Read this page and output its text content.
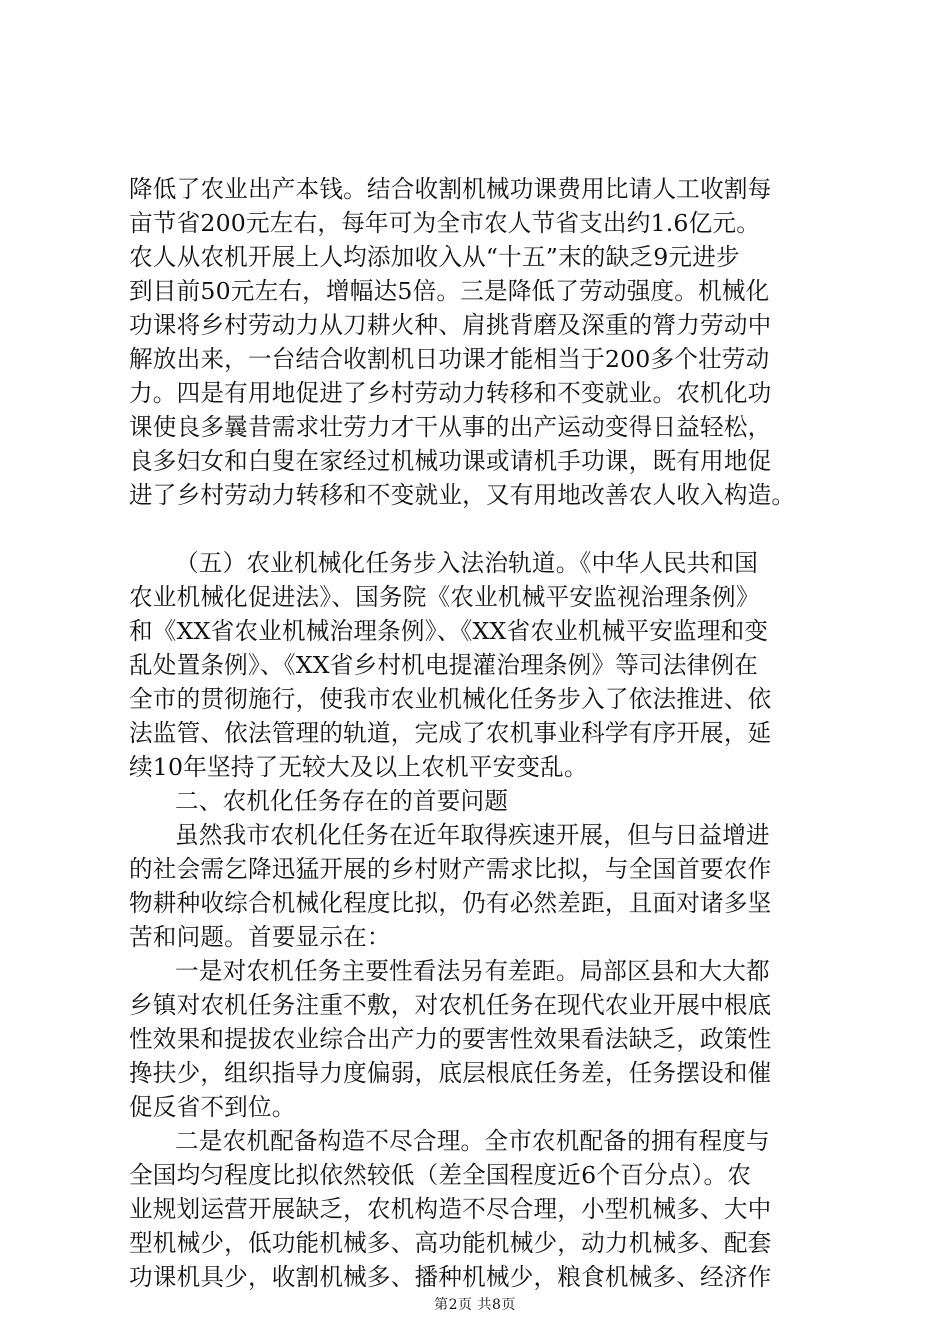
降低了农业出产本钱。结合收割机械功课费用比请人工收割每
亩节省200元左右，每年可为全市农人节省支出约1.6亿元。
农人从农机开展上人均添加收入从“十五”末的缺乏9元进步
到目前50元左右，增幅达5倍。三是降低了劳动强度。机械化
功课将乡村劳动力从刀耕火种、肩挑背磨及深重的膂力劳动中
解放出来，一台结合收割机日功课才能相当于200多个壮劳动
力。四是有用地促进了乡村劳动力转移和不变就业。农机化功
课使良多曩昔需求壮劳力才干从事的出产运动变得日益轻松，
良多妇女和白叟在家经过机械功课或请机手功课，既有用地促
进了乡村劳动力转移和不变就业，又有用地改善农人收入构造。
（五）农业机械化任务步入法治轨道。《中华人民共和国
农业机械化促进法》、国务院《农业机械平安监视治理条例》
和《XX省农业机械治理条例》、《XX省农业机械平安监理和变
乱处置条例》、《XX省乡村机电提灌治理条例》等司法律例在
全市的贯彻施行，使我市农业机械化任务步入了依法推进、依
法监管、依法管理的轨道，完成了农机事业科学有序开展，延
续10年坚持了无较大及以上农机平安变乱。
二、农机化任务存在的首要问题
虽然我市农机化任务在近年取得疾速开展，但与日益增进
的社会需乞降迅猛开展的乡村财产需求比拟，与全国首要农作
物耕种收综合机械化程度比拟，仍有必然差距，且面对诸多坚
苦和问题。首要显示在：
一是对农机任务主要性看法另有差距。局部区县和大大都
乡镇对农机任务注重不敷，对农机任务在现代农业开展中根底
性效果和提拔农业综合出产力的要害性效果看法缺乏，政策性
搀扶少，组织指导力度偏弱，底层根底任务差，任务摆设和催
促反省不到位。
二是农机配备构造不尽合理。全市农机配备的拥有程度与
全国均匀程度比拟依然较低（差全国程度近6个百分点）。农
业规划运营开展缺乏，农机构造不尽合理，小型机械多、大中
型机械少，低功能机械多、高功能机械少，动力机械多、配套
功课机具少，收割机械多、播种机械少，粮食机械多、经济作
第2页 共8页
